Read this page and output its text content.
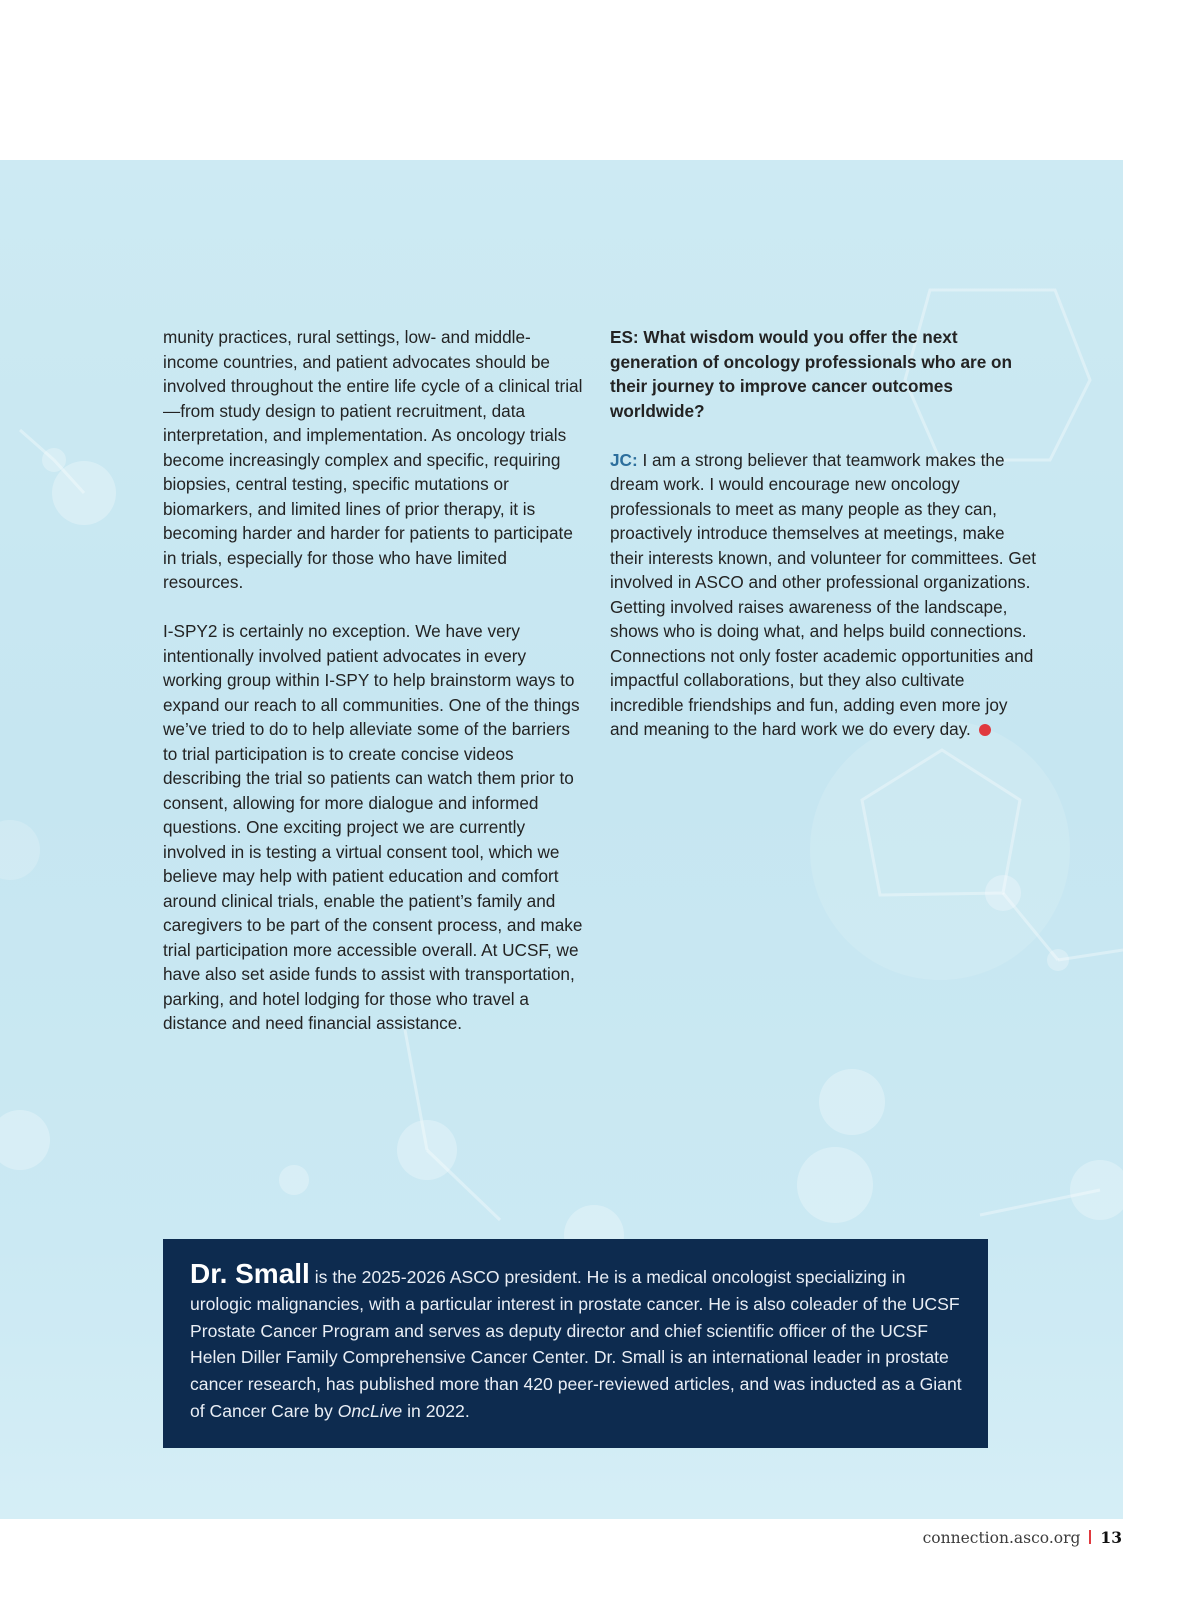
munity practices, rural settings, low- and middle-income countries, and patient advocates should be involved throughout the entire life cycle of a clinical trial—from study design to patient recruitment, data interpretation, and implementation. As oncology trials become increasingly complex and specific, requiring biopsies, central testing, specific mutations or biomarkers, and limited lines of prior therapy, it is becoming harder and harder for patients to participate in trials, especially for those who have limited resources.

I-SPY2 is certainly no exception. We have very intentionally involved patient advocates in every working group within I-SPY to help brainstorm ways to expand our reach to all communities. One of the things we’ve tried to do to help alleviate some of the barriers to trial participation is to create concise videos describing the trial so patients can watch them prior to consent, allowing for more dialogue and informed questions. One exciting project we are currently involved in is testing a virtual consent tool, which we believe may help with patient education and comfort around clinical trials, enable the patient’s family and caregivers to be part of the consent process, and make trial participation more accessible overall. At UCSF, we have also set aside funds to assist with transportation, parking, and hotel lodging for those who travel a distance and need financial assistance.

ES: What wisdom would you offer the next generation of oncology professionals who are on their journey to improve cancer outcomes worldwide?

JC: I am a strong believer that teamwork makes the dream work. I would encourage new oncology professionals to meet as many people as they can, proactively introduce themselves at meetings, make their interests known, and volunteer for committees. Get involved in ASCO and other professional organizations. Getting involved raises awareness of the landscape, shows who is doing what, and helps build connections. Connections not only foster academic opportunities and impactful collaborations, but they also cultivate incredible friendships and fun, adding even more joy and meaning to the hard work we do every day.

Dr. Small is the 2025-2026 ASCO president. He is a medical oncologist specializing in urologic malignancies, with a particular interest in prostate cancer. He is also coleader of the UCSF Prostate Cancer Program and serves as deputy director and chief scientific officer of the UCSF Helen Diller Family Comprehensive Cancer Center. Dr. Small is an international leader in prostate cancer research, has published more than 420 peer-reviewed articles, and was inducted as a Giant of Cancer Care by OncLive in 2022.
connection.asco.org 13
